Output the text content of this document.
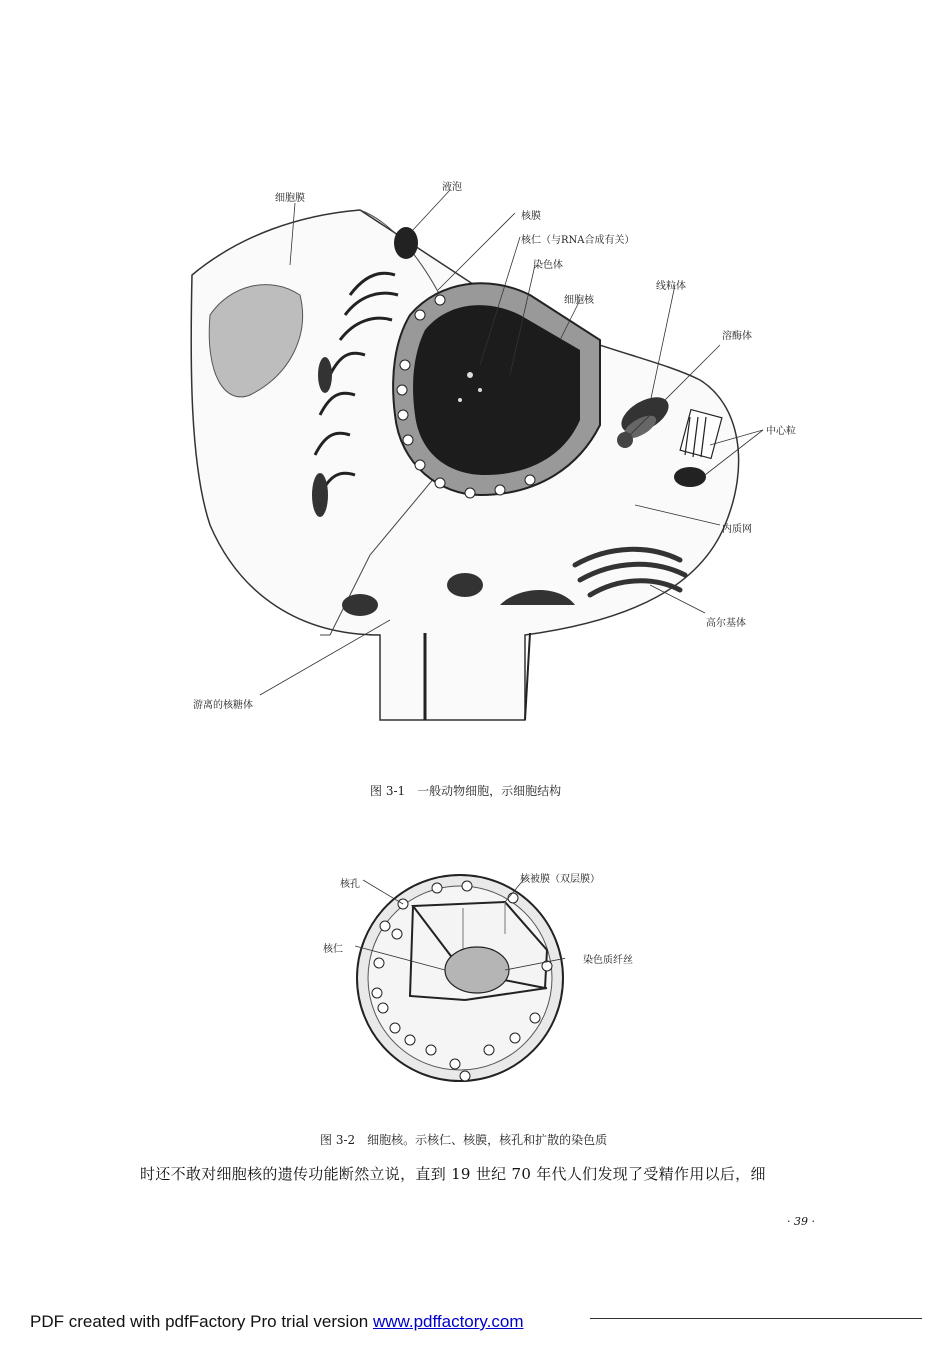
细胞膜
液泡
核膜
核仁（与RNA合成有关）
染色体
线粒体
细胞核
溶酶体
中心粒
内质网
高尔基体
游离的核糖体
图 3-1　一般动物细胞，示细胞结构
核孔	核被膜（双层膜）
核仁
染色质纤丝
图 3-2　细胞核。示核仁、核膜，核孔和扩散的染色质
时还不敢对细胞核的遗传功能断然立说，直到 19 世纪 70 年代人们发现了受精作用以后，细
· 39 ·
PDF created with pdfFactory Pro trial version www.pdffactory.com
